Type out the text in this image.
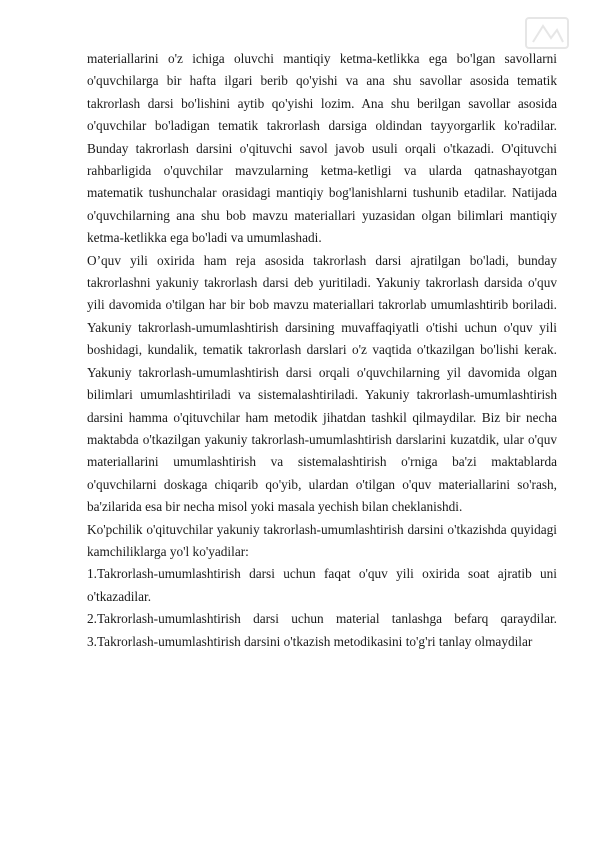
materiallarini o'z ichiga oluvchi mantiqiy ketma-ketlikka ega bo'lgan savollarni o'quvchilarga bir hafta ilgari berib qo'yishi va ana shu savollar asosida tematik takrorlash darsi bo'lishini aytib qo'yishi lozim. Ana shu berilgan savollar asosida o'quvchilar bo'ladigan tematik takrorlash darsiga oldindan tayyorgarlik ko'radilar. Bunday takrorlash darsini o'qituvchi savol javob usuli orqali o'tkazadi. O'qituvchi rahbarligida o'quvchilar mavzularning ketma-ketligi va ularda qatnashayotgan matematik tushunchalar orasidagi mantiqiy bog'lanishlarni tushunib etadilar. Natijada o'quvchilarning ana shu bob mavzu materiallari yuzasidan olgan bilimlari mantiqiy ketma-ketlikka ega bo'ladi va umumlashadi.

O’quv yili oxirida ham reja asosida takrorlash darsi ajratilgan bo'ladi, bunday takrorlashni yakuniy takrorlash darsi deb yuritiladi. Yakuniy takrorlash darsida o'quv yili davomida o'tilgan har bir bob mavzu materiallari takrorlab umumlashtirib boriladi. Yakuniy takrorlash-umumlashtirish darsining muvaffaqiyatli o'tishi uchun o'quv yili boshidagi, kundalik, tematik takrorlash darslari o'z vaqtida o'tkazilgan bo'lishi kerak. Yakuniy takrorlash-umumlashtirish darsi orqali o'quvchilarning yil davomida olgan bilimlari umumlashtiriladi va sistemalashtiriladi. Yakuniy takrorlash-umumlashtirish darsini hamma o'qituvchilar ham metodik jihatdan tashkil qilmaydilar. Biz bir necha maktabda o'tkazilgan yakuniy takrorlash-umumlashtirish darslarini kuzatdik, ular o'quv materiallarini umumlashtirish va sistemalashtirish o'rniga ba'zi maktablarda o'quvchilarni doskaga chiqarib qo'yib, ulardan o'tilgan o'quv materiallarini so'rash, ba'zilarida esa bir necha misol yoki masala yechish bilan cheklanishdi.

Ko'pchilik o'qituvchilar yakuniy takrorlash-umumlashtirish darsini o'tkazishda quyidagi kamchiliklarga yo'l ko'yadilar:

1.Takrorlash-umumlashtirish darsi uchun faqat o'quv yili oxirida soat ajratib uni o'tkazadilar.

2.Takrorlash-umumlashtirish darsi uchun material tanlashga befarq qaraydilar.

3.Takrorlash-umumlashtirish darsini o'tkazish metodikasini to'g'ri tanlay olmaydilar
